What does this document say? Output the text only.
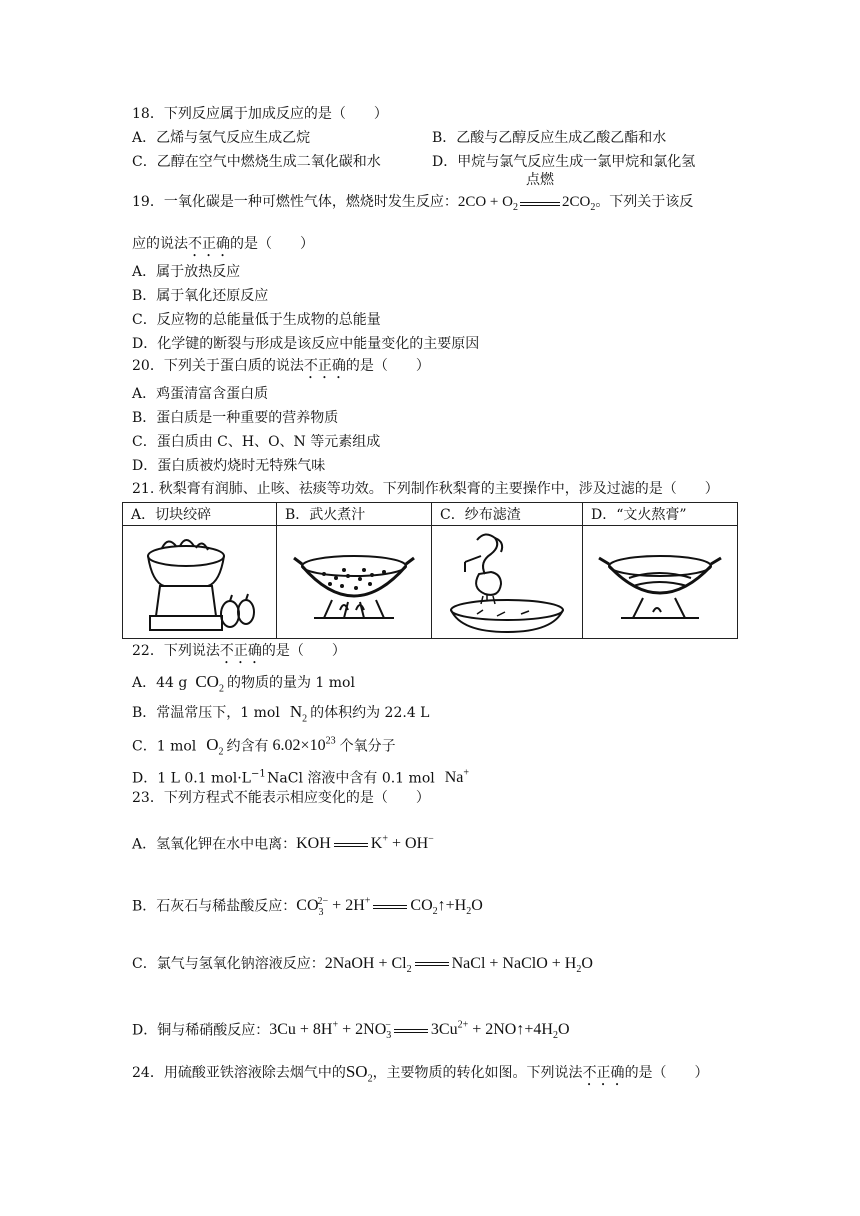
18．下列反应属于加成反应的是（　　）
A．乙烯与氢气反应生成乙烷	B．乙酸与乙醇反应生成乙酸乙酯和水
C．乙醇在空气中燃烧生成二氧化碳和水	D．甲烷与氯气反应生成一氯甲烷和氯化氢
19．一氧化碳是一种可燃性气体，燃烧时发生反应：$2CO + O_2$
点燃
$2CO_2$。下列关于该反
应的说法不正确的是（　　）
A．属于放热反应
B．属于氧化还原反应
C．反应物的总能量低于生成物的总能量
D．化学键的断裂与形成是该反应中能量变化的主要原因
20．下列关于蛋白质的说法不正确的是（　　）
A．鸡蛋清富含蛋白质
B．蛋白质是一种重要的营养物质
C．蛋白质由 C、H、O、N 等元素组成
D．蛋白质被灼烧时无特殊气味
21. 秋梨膏有润肺、止咳、祛痰等功效。下列制作秋梨膏的主要操作中，涉及过滤的是（　　）
A．切块绞碎	B．武火煮汁	C．纱布滤渣	D．“文火熬膏”

22．下列说法不正确的是（　　）
A．44 g $CO_2$ 的物质的量为 1 mol
B．常温常压下，1 mol $N_2$ 的体积约为 22.4 L
C．1 mol $O_2$ 约含有 $6.02\times 10^{23}$ 个氧分子
D．1 L 0.1 $mol\cdot L^{-1}$ NaCl 溶液中含有 0.1 mol Na+
23．下列方程式不能表示相应变化的是（　　）
A．氢氧化钾在水中电离：KOH	K+ + OH−
B．石灰石与稀盐酸反应：$CO_3^{2-} + 2H^+$	$CO_2↑+H_2O$
C．氯气与氢氧化钠溶液反应：2NaOH + $Cl_2$	NaCl + NaClO + $H_2O$
D．铜与稀硝酸反应：$3Cu + 8H^+ + 2NO_3^-$	$3Cu^{2+}$ + $2NO↑+4H_2O$
24．用硫酸亚铁溶液除去烟气中的$SO_2$，主要物质的转化如图。下列说法不正确的是（　　）
